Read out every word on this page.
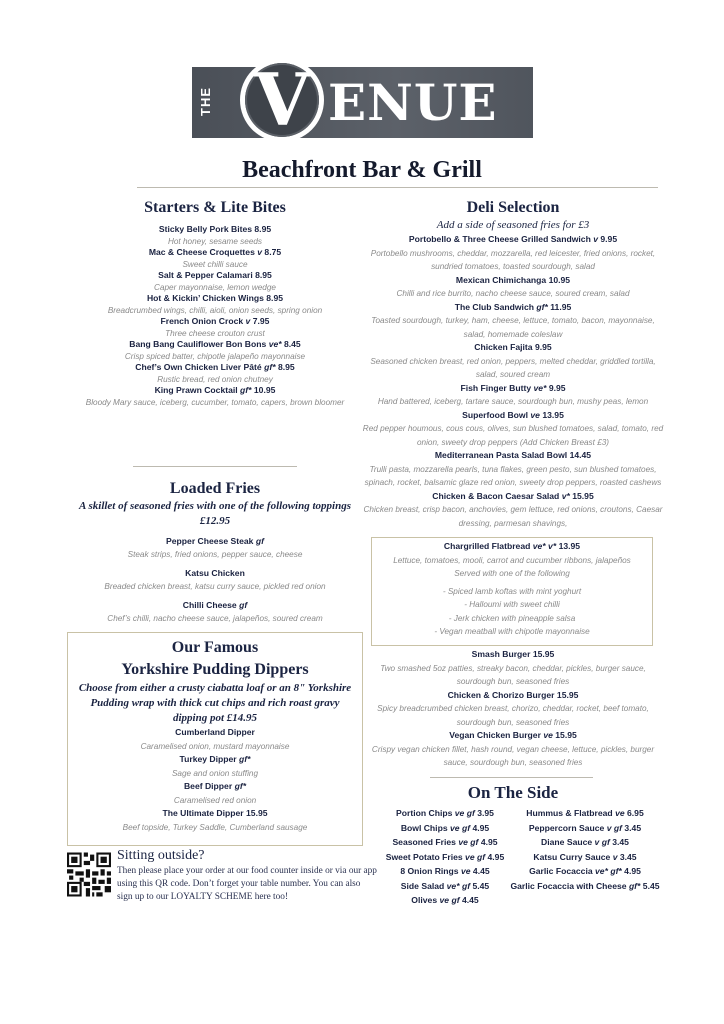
THE V ENUE
Beachfront Bar & Grill
Starters & Lite Bites
Sticky Belly Pork Bites 8.95
Hot honey, sesame seeds
Mac & Cheese Croquettes v 8.75
Sweet chilli sauce
Salt & Pepper Calamari 8.95
Caper mayonnaise, lemon wedge
Hot & Kickin’ Chicken Wings 8.95
Breadcrumbed wings, chilli, aioli, onion seeds, spring onion
French Onion Crock v 7.95
Three cheese crouton crust
Bang Bang Cauliflower Bon Bons ve* 8.45
Crisp spiced batter, chipotle jalapeño mayonnaise
Chef’s Own Chicken Liver Pâté gf* 8.95
Rustic bread, red onion chutney
King Prawn Cocktail gf* 10.95
Bloody Mary sauce, iceberg, cucumber, tomato, capers, brown bloomer
Loaded Fries
A skillet of seasoned fries with one of the following toppings £12.95
Pepper Cheese Steak gf
Steak strips, fried onions, pepper sauce, cheese
Katsu Chicken
Breaded chicken breast, katsu curry sauce, pickled red onion
Chilli Cheese gf
Chef’s chilli, nacho cheese sauce, jalapeños, soured cream
Our Famous
Yorkshire Pudding Dippers
Choose from either a crusty ciabatta loaf or an 8" Yorkshire Pudding wrap with thick cut chips and rich roast gravy dipping pot £14.95
Cumberland Dipper
Caramelised onion, mustard mayonnaise
Turkey Dipper gf*
Sage and onion stuffing
Beef Dipper gf*
Caramelised red onion
The Ultimate Dipper 15.95
Beef topside, Turkey Saddle, Cumberland sausage
Sitting outside?
Then please place your order at our food counter inside or via our app using this QR code. Don’t forget your table number. You can also sign up to our LOYALTY SCHEME here too!
Deli Selection
Add a side of seasoned fries for £3
Portobello & Three Cheese Grilled Sandwich v 9.95
Portobello mushrooms, cheddar, mozzarella, red leicester, fried onions, rocket, sundried tomatoes, toasted sourdough, salad
Mexican Chimichanga 10.95
Chilli and rice burrito, nacho cheese sauce, soured cream, salad
The Club Sandwich gf* 11.95
Toasted sourdough, turkey, ham, cheese, lettuce, tomato, bacon, mayonnaise, salad, homemade coleslaw
Chicken Fajita 9.95
Seasoned chicken breast, red onion, peppers, melted cheddar, griddled tortilla, salad, soured cream
Fish Finger Butty ve* 9.95
Hand battered, iceberg, tartare sauce, sourdough bun, mushy peas, lemon
Superfood Bowl ve 13.95
Red pepper houmous, cous cous, olives, sun blushed tomatoes, salad, tomato, red onion, sweety drop peppers (Add Chicken Breast £3)
Mediterranean Pasta Salad Bowl 14.45
Trulli pasta, mozzarella pearls, tuna flakes, green pesto, sun blushed tomatoes, spinach, rocket, balsamic glaze red onion, sweety drop peppers, roasted cashews
Chicken & Bacon Caesar Salad v* 15.95
Chicken breast, crisp bacon, anchovies, gem lettuce, red onions, croutons, Caesar dressing, parmesan shavings,
Chargrilled Flatbread ve* v* 13.95
Lettuce, tomatoes, mooli, carrot and cucumber ribbons, jalapeños
Served with one of the following
- Spiced lamb koftas with mint yoghurt
- Halloumi with sweet chilli
- Jerk chicken with pineapple salsa
- Vegan meatball with chipotle mayonnaise
Smash Burger 15.95
Two smashed 5oz patties, streaky bacon, cheddar, pickles, burger sauce, sourdough bun, seasoned fries
Chicken & Chorizo Burger 15.95
Spicy breadcrumbed chicken breast, chorizo, cheddar, rocket, beef tomato, sourdough bun, seasoned fries
Vegan Chicken Burger ve 15.95
Crispy vegan chicken fillet, hash round, vegan cheese, lettuce, pickles, burger sauce, sourdough bun, seasoned fries
On The Side
Portion Chips ve gf 3.95
Bowl Chips ve gf 4.95
Seasoned Fries ve gf 4.95
Sweet Potato Fries ve gf 4.95
8 Onion Rings ve 4.45
Side Salad ve* gf 5.45
Olives ve gf 4.45
Hummus & Flatbread ve 6.95
Peppercorn Sauce v gf 3.45
Diane Sauce v gf 3.45
Katsu Curry Sauce v 3.45
Garlic Focaccia ve* gf* 4.95
Garlic Focaccia with Cheese gf* 5.45
